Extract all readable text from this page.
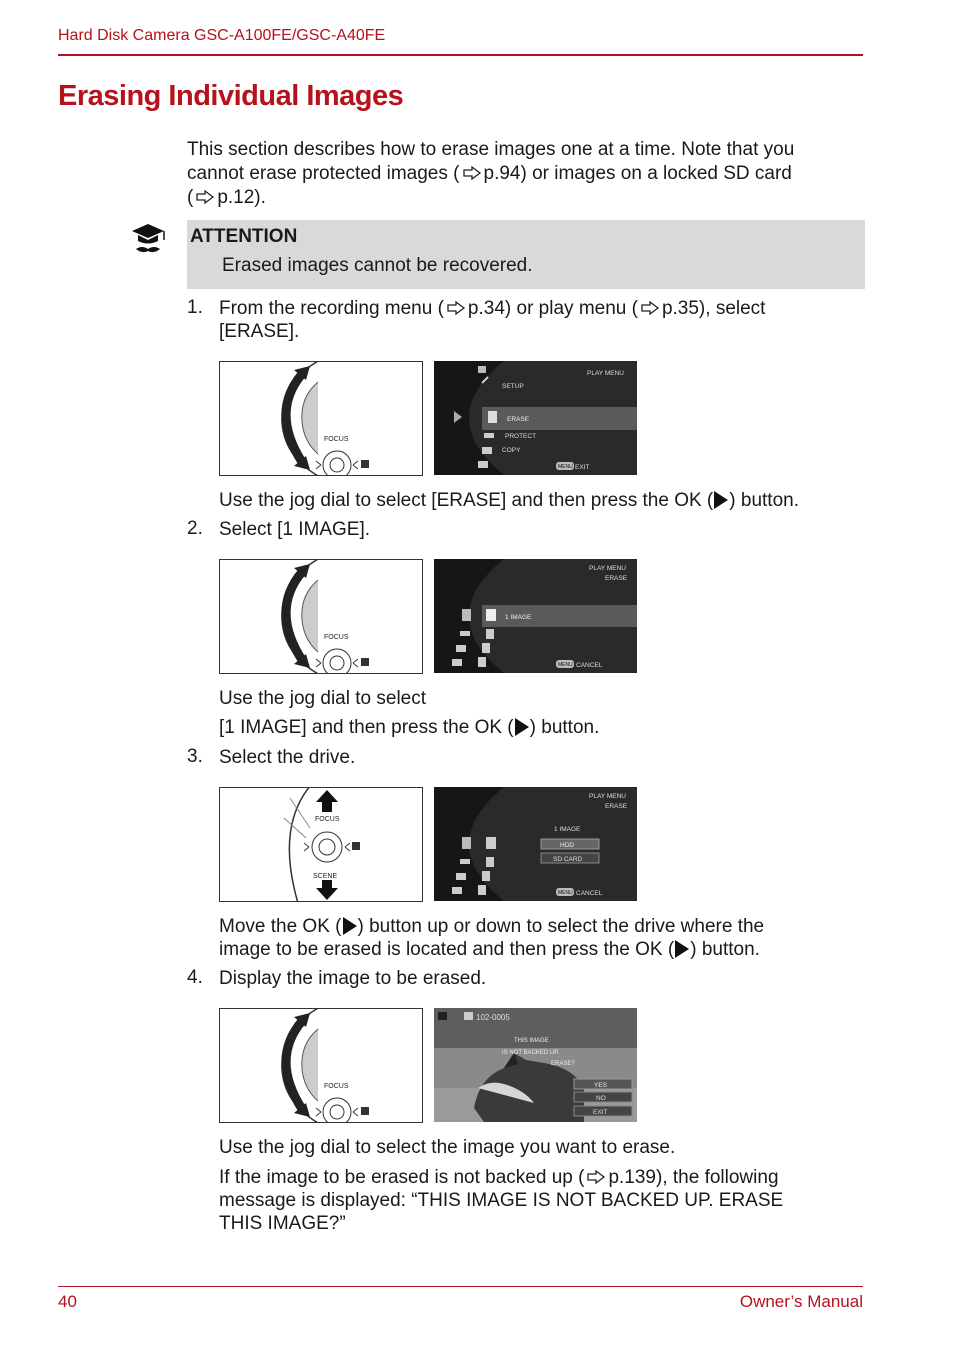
Hard Disk Camera GSC-A100FE/GSC-A40FE
Erasing Individual Images
This section describes how to erase images one at a time. Note that you
cannot erase protected images ( p.94) or images on a locked SD card
( p.12).
ATTENTION
Erased images cannot be recovered.
1. From the recording menu ( p.34) or play menu ( p.35), select
[ERASE].
FOCUS
PLAY MENU
SETUP
ERASE
PROTECT
COPY
MENU EXIT
Use the jog dial to select [ERASE] and then press the OK ( ) button.
2. Select [1 IMAGE].
FOCUS
PLAY MENU
ERASE
1 IMAGE
MENU CANCEL
Use the jog dial to select
[1 IMAGE] and then press the OK ( ) button.
3. Select the drive.
FOCUS
SCENE
PLAY MENU
ERASE
1 IMAGE
HDD
SD CARD
MENU CANCEL
Move the OK ( ) button up or down to select the drive where the
image to be erased is located and then press the OK ( ) button.
4. Display the image to be erased.
FOCUS
102-0005
THIS IMAGE
IS NOT BACKED UP.
ERASE?
YES
NO
EXIT
Use the jog dial to select the image you want to erase.
If the image to be erased is not backed up ( p.139), the following
message is displayed: “THIS IMAGE IS NOT BACKED UP. ERASE
THIS IMAGE?”
40	Owner’s Manual
